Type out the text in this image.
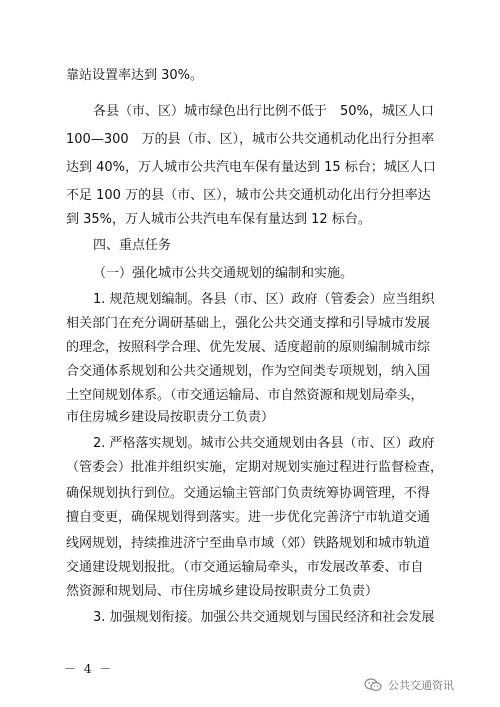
靠站设置率达到 30%。
各县（市、区）城市绿色出行比例不低于　50%，城区人口
100—300　万的县（市、区），城市公共交通机动化出行分担率
达到 40%，万人城市公共汽电车保有量达到 15 标台；城区人口
不足 100 万的县（市、区），城市公共交通机动化出行分担率达
到 35%，万人城市公共汽电车保有量达到 12 标台。
四、重点任务
（一）强化城市公共交通规划的编制和实施。
1. 规范规划编制。各县（市、区）政府（管委会）应当组织
相关部门在充分调研基础上，强化公共交通支撑和引导城市发展
的理念，按照科学合理、优先发展、适度超前的原则编制城市综
合交通体系规划和公共交通规划，作为空间类专项规划，纳入国
土空间规划体系。（市交通运输局、市自然资源和规划局牵头，
市住房城乡建设局按职责分工负责）
2. 严格落实规划。城市公共交通规划由各县（市、区）政府
（管委会）批准并组织实施，定期对规划实施过程进行监督检查，
确保规划执行到位。交通运输主管部门负责统筹协调管理，不得
擅自变更，确保规划得到落实。进一步优化完善济宁市轨道交通
线网规划，持续推进济宁至曲阜市域（郊）铁路规划和城市轨道
交通建设规划报批。（市交通运输局牵头，市发展改革委、市自
然资源和规划局、市住房城乡建设局按职责分工负责）
3. 加强规划衔接。加强公共交通规划与国民经济和社会发展
－ 4 －
公共交通资讯
